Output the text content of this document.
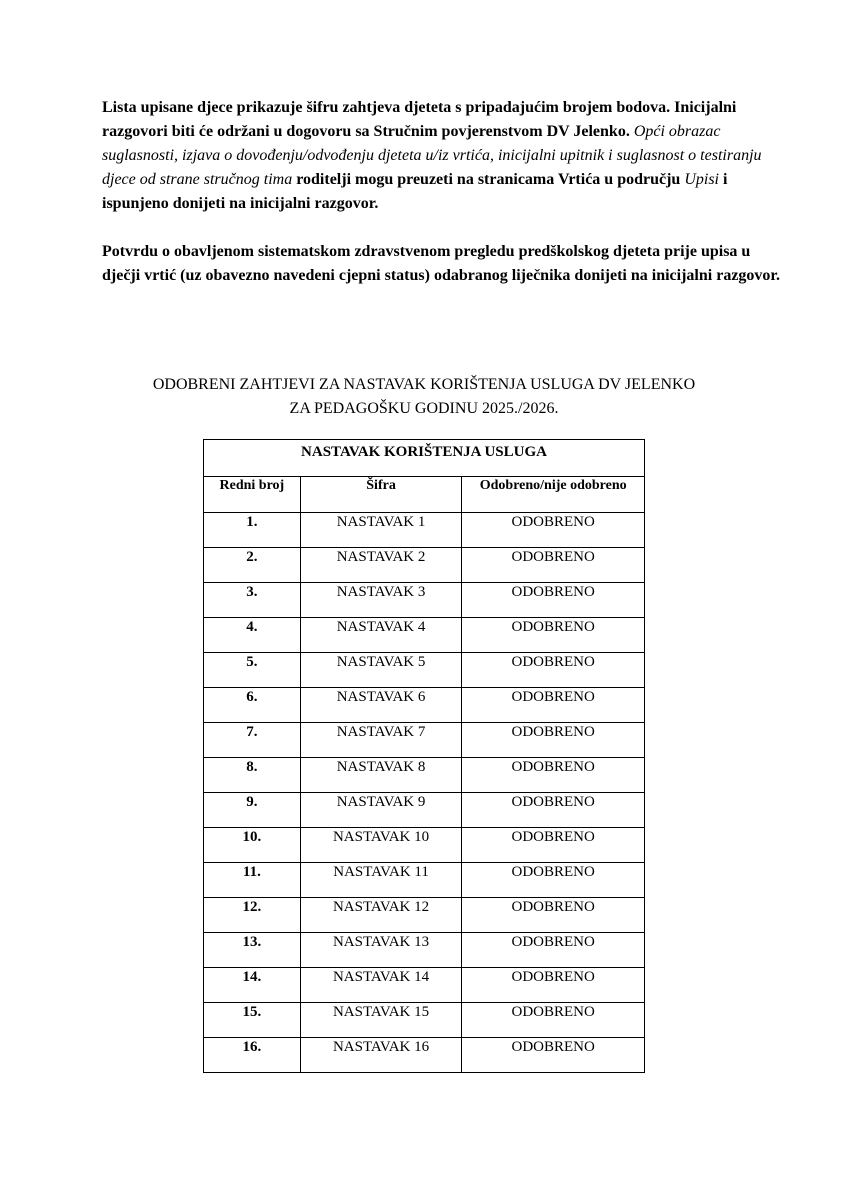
Lista upisane djece prikazuje šifru zahtjeva djeteta s pripadajućim brojem bodova. Inicijalni razgovori biti će održani u dogovoru sa Stručnim povjerenstvom DV Jelenko. Opći obrazac suglasnosti, izjava o dovođenju/odvođenju djeteta u/iz vrtića, inicijalni upitnik i suglasnost o testiranju djece od strane stručnog tima roditelji mogu preuzeti na stranicama Vrtića u području Upisi i ispunjeno donijeti na inicijalni razgovor.

Potvrdu o obavljenom sistematskom zdravstvenom pregledu predškolskog djeteta prije upisa u dječji vrtić (uz obavezno navedeni cjepni status) odabranog liječnika donijeti na inicijalni razgovor.

ODOBRENI ZAHTJEVI ZA NASTAVAK KORIŠTENJA USLUGA DV JELENKO
ZA PEDAGOŠKU GODINU 2025./2026.
NASTAVAK KORIŠTENJA USLUGA		
Redni broj	Šifra	Odobreno/nije odobreno
1.	NASTAVAK 1	ODOBRENO
2.	NASTAVAK 2	ODOBRENO
3.	NASTAVAK 3	ODOBRENO
4.	NASTAVAK 4	ODOBRENO
5.	NASTAVAK 5	ODOBRENO
6.	NASTAVAK 6	ODOBRENO
7.	NASTAVAK 7	ODOBRENO
8.	NASTAVAK 8	ODOBRENO
9.	NASTAVAK 9	ODOBRENO
10.	NASTAVAK 10	ODOBRENO
11.	NASTAVAK 11	ODOBRENO
12.	NASTAVAK 12	ODOBRENO
13.	NASTAVAK 13	ODOBRENO
14.	NASTAVAK 14	ODOBRENO
15.	NASTAVAK 15	ODOBRENO
16.	NASTAVAK 16	ODOBRENO
